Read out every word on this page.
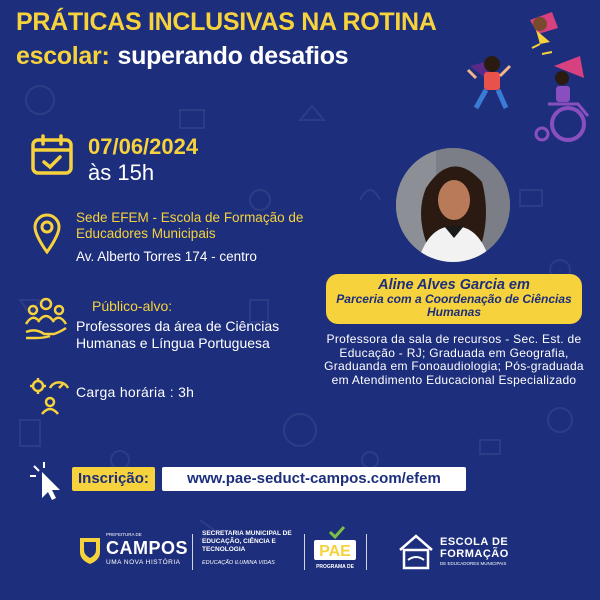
PRÁTICAS INCLUSIVAS NA ROTINA
escolar: superando desafios
07/06/2024
às 15h
Sede EFEM - Escola de Formação de Educadores Municipais
Av. Alberto Torres 174 - centro
Público-alvo:
Professores da área de Ciências Humanas e Língua Portuguesa
Carga horária : 3h
Aline Alves Garcia em
Parceria com a Coordenação de Ciências Humanas
Professora da sala de recursos - Sec. Est. de Educação - RJ; Graduada em Geografia, Graduanda em Fonoaudiologia; Pós-graduada em Atendimento Educacional Especializado
Inscrição:	www.pae-seduct-campos.com/efem
PREFEITURA DE
CAMPOS
UMA NOVA HISTÓRIA
SECRETARIA MUNICIPAL DE EDUCAÇÃO, CIÊNCIA E TECNOLOGIA
EDUCAÇÃO ILUMINA VIDAS
PAE
PROGRAMA DE
ESCOLA DE FORMAÇÃO
DE EDUCADORES MUNICIPAIS
